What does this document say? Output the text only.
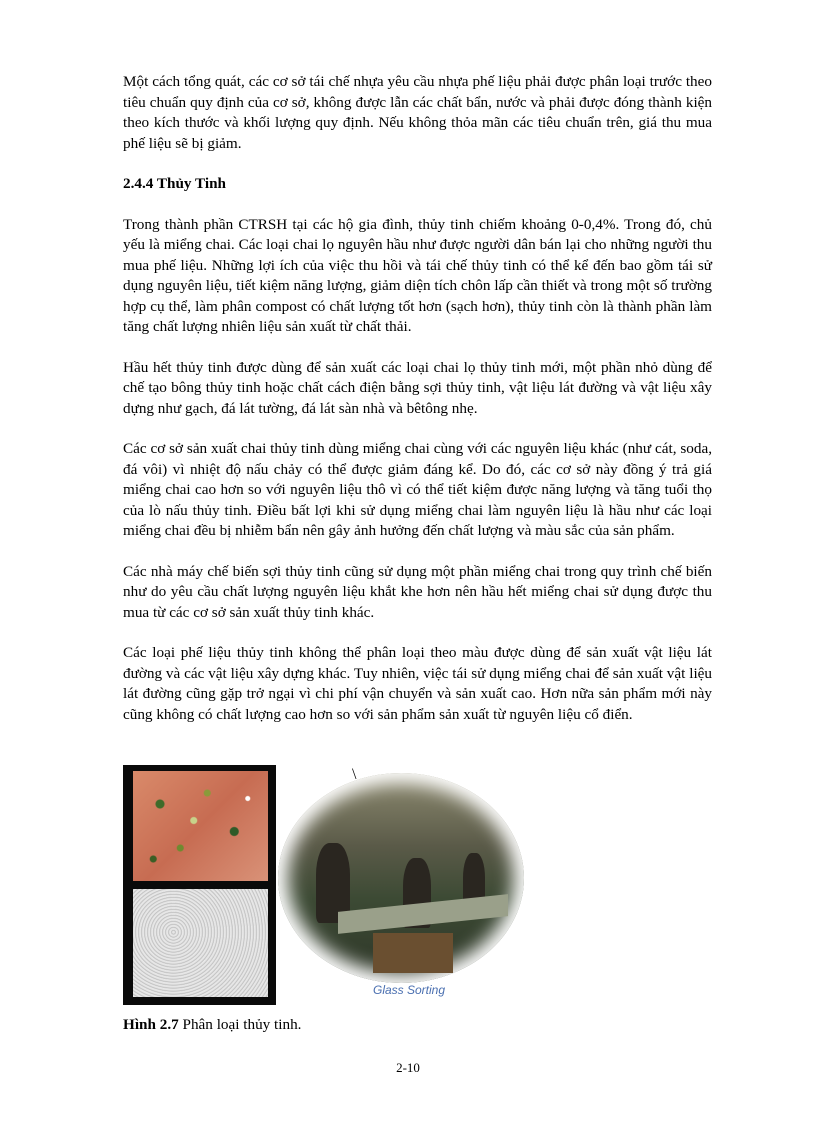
Một cách tổng quát, các cơ sở tái chế nhựa yêu cầu nhựa phế liệu phải được phân loại trước theo tiêu chuẩn quy định của cơ sở, không được lẫn các chất bẩn, nước và phải được đóng thành kiện theo kích thước và khối lượng quy định. Nếu không thỏa mãn các tiêu chuẩn trên, giá thu mua phế liệu sẽ bị giảm.

2.4.4 Thủy Tinh

Trong thành phần CTRSH tại các hộ gia đình, thủy tinh chiếm khoảng 0-0,4%. Trong đó, chủ yếu là miểng chai. Các loại chai lọ nguyên hầu như được người dân bán lại cho những người thu mua phế liệu. Những lợi ích của việc thu hồi và tái chế thủy tinh có thể kể đến bao gồm tái sử dụng nguyên liệu, tiết kiệm năng lượng, giảm diện tích chôn lấp cần thiết và trong một số trường hợp cụ thể, làm phân compost có chất lượng tốt hơn (sạch hơn), thủy tinh còn là thành phần làm tăng chất lượng nhiên liệu sản xuất từ chất thải.

Hầu hết thủy tinh được dùng để sản xuất các loại chai lọ thủy tinh mới, một phần nhỏ dùng để chế tạo bông thủy tinh hoặc chất cách điện bằng sợi thủy tinh, vật liệu lát đường và vật liệu xây dựng như gạch, đá lát tường, đá lát sàn nhà và bêtông nhẹ.

Các cơ sở sản xuất chai thủy tinh dùng miểng chai cùng với các nguyên liệu khác (như cát, soda, đá vôi) vì nhiệt độ nấu chảy có thể được giảm đáng kể. Do đó, các cơ sở này đồng ý trả giá miểng chai cao hơn so với nguyên liệu thô vì có thể tiết kiệm được năng lượng và tăng tuổi thọ của lò nấu thủy tinh. Điều bất lợi khi sử dụng miểng chai làm nguyên liệu là hầu như các loại miểng chai đều bị nhiễm bẩn nên gây ảnh hưởng đến chất lượng và màu sắc của sản phẩm.

Các nhà máy chế biến sợi thủy tinh cũng sử dụng một phần miểng chai trong quy trình chế biến như do yêu cầu chất lượng nguyên liệu khắt khe hơn nên hầu hết miểng chai sử dụng được thu mua từ các cơ sở sản xuất thủy tinh khác.

Các loại phế liệu thủy tinh không thể phân loại theo màu được dùng để sản xuất vật liệu lát đường và các vật liệu xây dựng khác. Tuy nhiên, việc tái sử dụng miểng chai để sản xuất vật liệu lát đường cũng gặp trở ngại vì chi phí vận chuyển và sản xuất cao. Hơn nữa sản phẩm mới này cũng không có chất lượng cao hơn so với sản phẩm sản xuất từ nguyên liệu cổ điển.

\
Glass Sorting
Hình 2.7 Phân loại thủy tinh.
2-10
